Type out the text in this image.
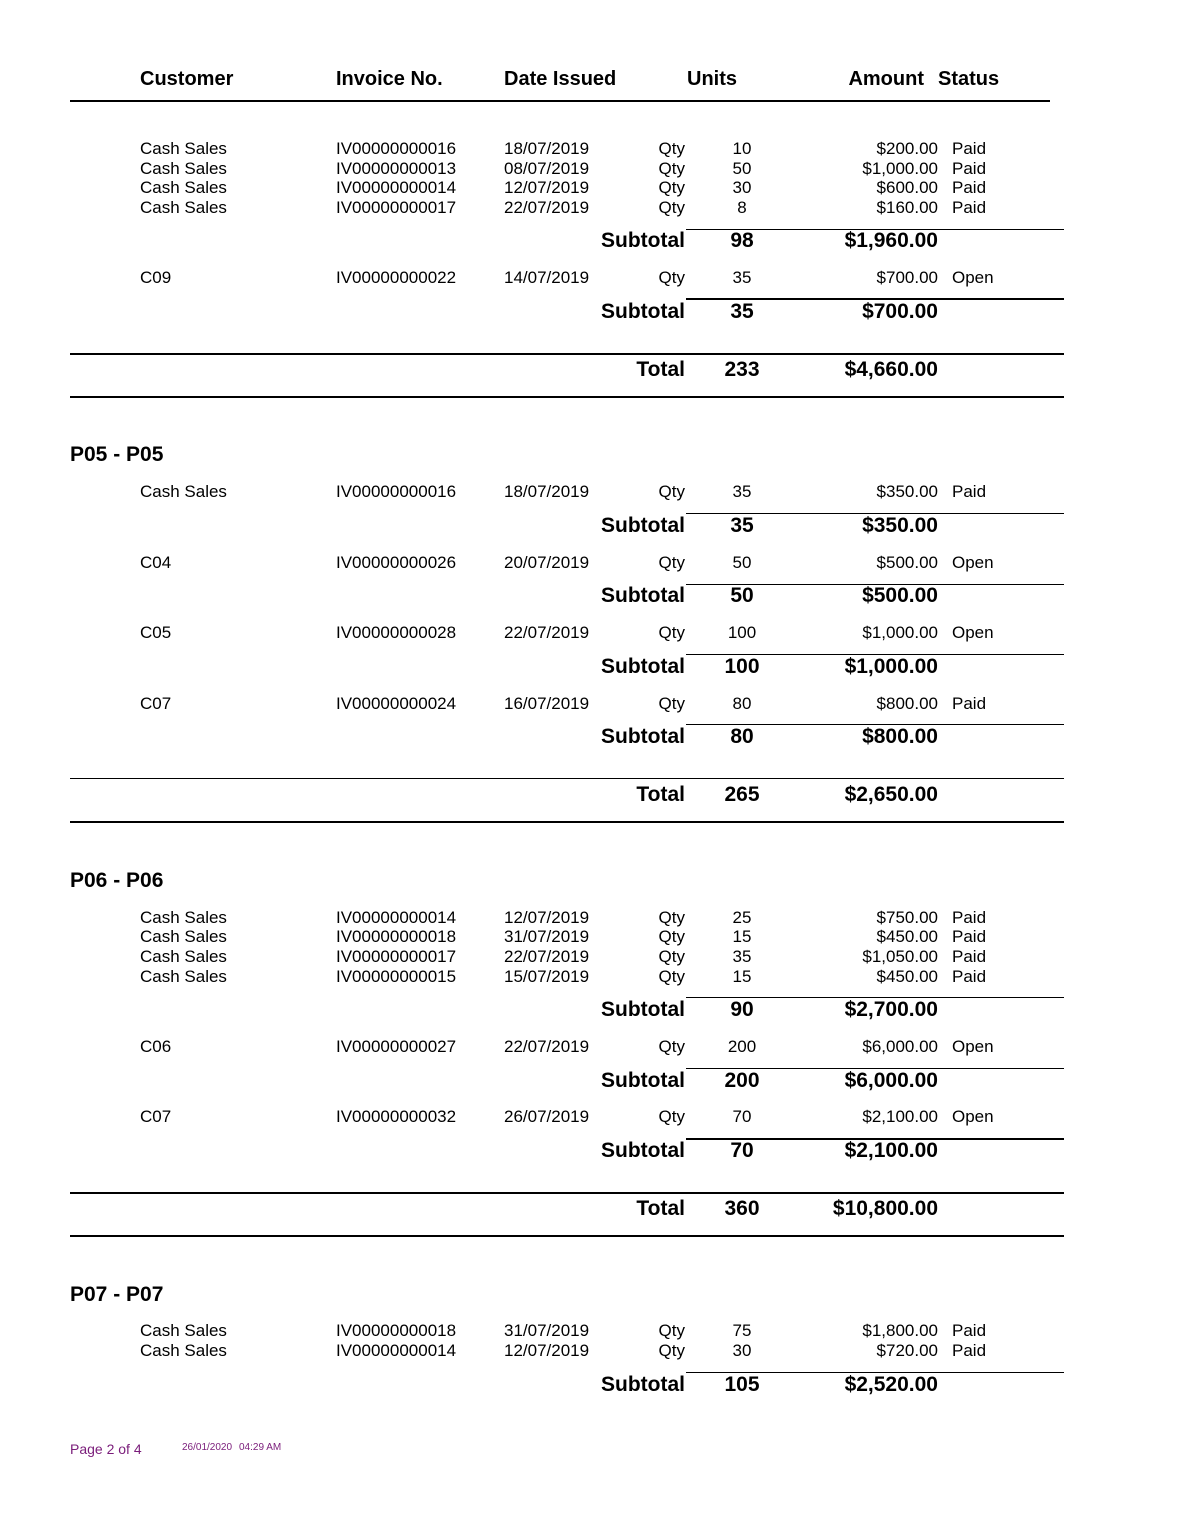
Customer	Invoice No.	Date Issued	Units	Amount Status
Cash Sales	IV00000000016	18/07/2019	Qty	10	$200.00 Paid
Cash Sales	IV00000000013	08/07/2019	Qty	50	$1,000.00 Paid
Cash Sales	IV00000000014	12/07/2019	Qty	30	$600.00 Paid
Cash Sales	IV00000000017	22/07/2019	Qty	8	$160.00 Paid
Subtotal	98	$1,960.00
C09	IV00000000022	14/07/2019	Qty	35	$700.00 Open
Subtotal	35	$700.00
Total	233	$4,660.00
P05 - P05
Cash Sales	IV00000000016	18/07/2019	Qty	35	$350.00 Paid
Subtotal	35	$350.00
C04	IV00000000026	20/07/2019	Qty	50	$500.00 Open
Subtotal	50	$500.00
C05	IV00000000028	22/07/2019	Qty	100	$1,000.00 Open
Subtotal	100	$1,000.00
C07	IV00000000024	16/07/2019	Qty	80	$800.00 Paid
Subtotal	80	$800.00
Total	265	$2,650.00
P06 - P06
Cash Sales	IV00000000014	12/07/2019	Qty	25	$750.00 Paid
Cash Sales	IV00000000018	31/07/2019	Qty	15	$450.00 Paid
Cash Sales	IV00000000017	22/07/2019	Qty	35	$1,050.00 Paid
Cash Sales	IV00000000015	15/07/2019	Qty	15	$450.00 Paid
Subtotal	90	$2,700.00
C06	IV00000000027	22/07/2019	Qty	200	$6,000.00 Open
Subtotal	200	$6,000.00
C07	IV00000000032	26/07/2019	Qty	70	$2,100.00 Open
Subtotal	70	$2,100.00
Total	360	$10,800.00
P07 - P07
Cash Sales	IV00000000018	31/07/2019	Qty	75	$1,800.00 Paid
Cash Sales	IV00000000014	12/07/2019	Qty	30	$720.00 Paid
Subtotal	105	$2,520.00
Page 2 of 4	26/01/2020 04:29 AM
